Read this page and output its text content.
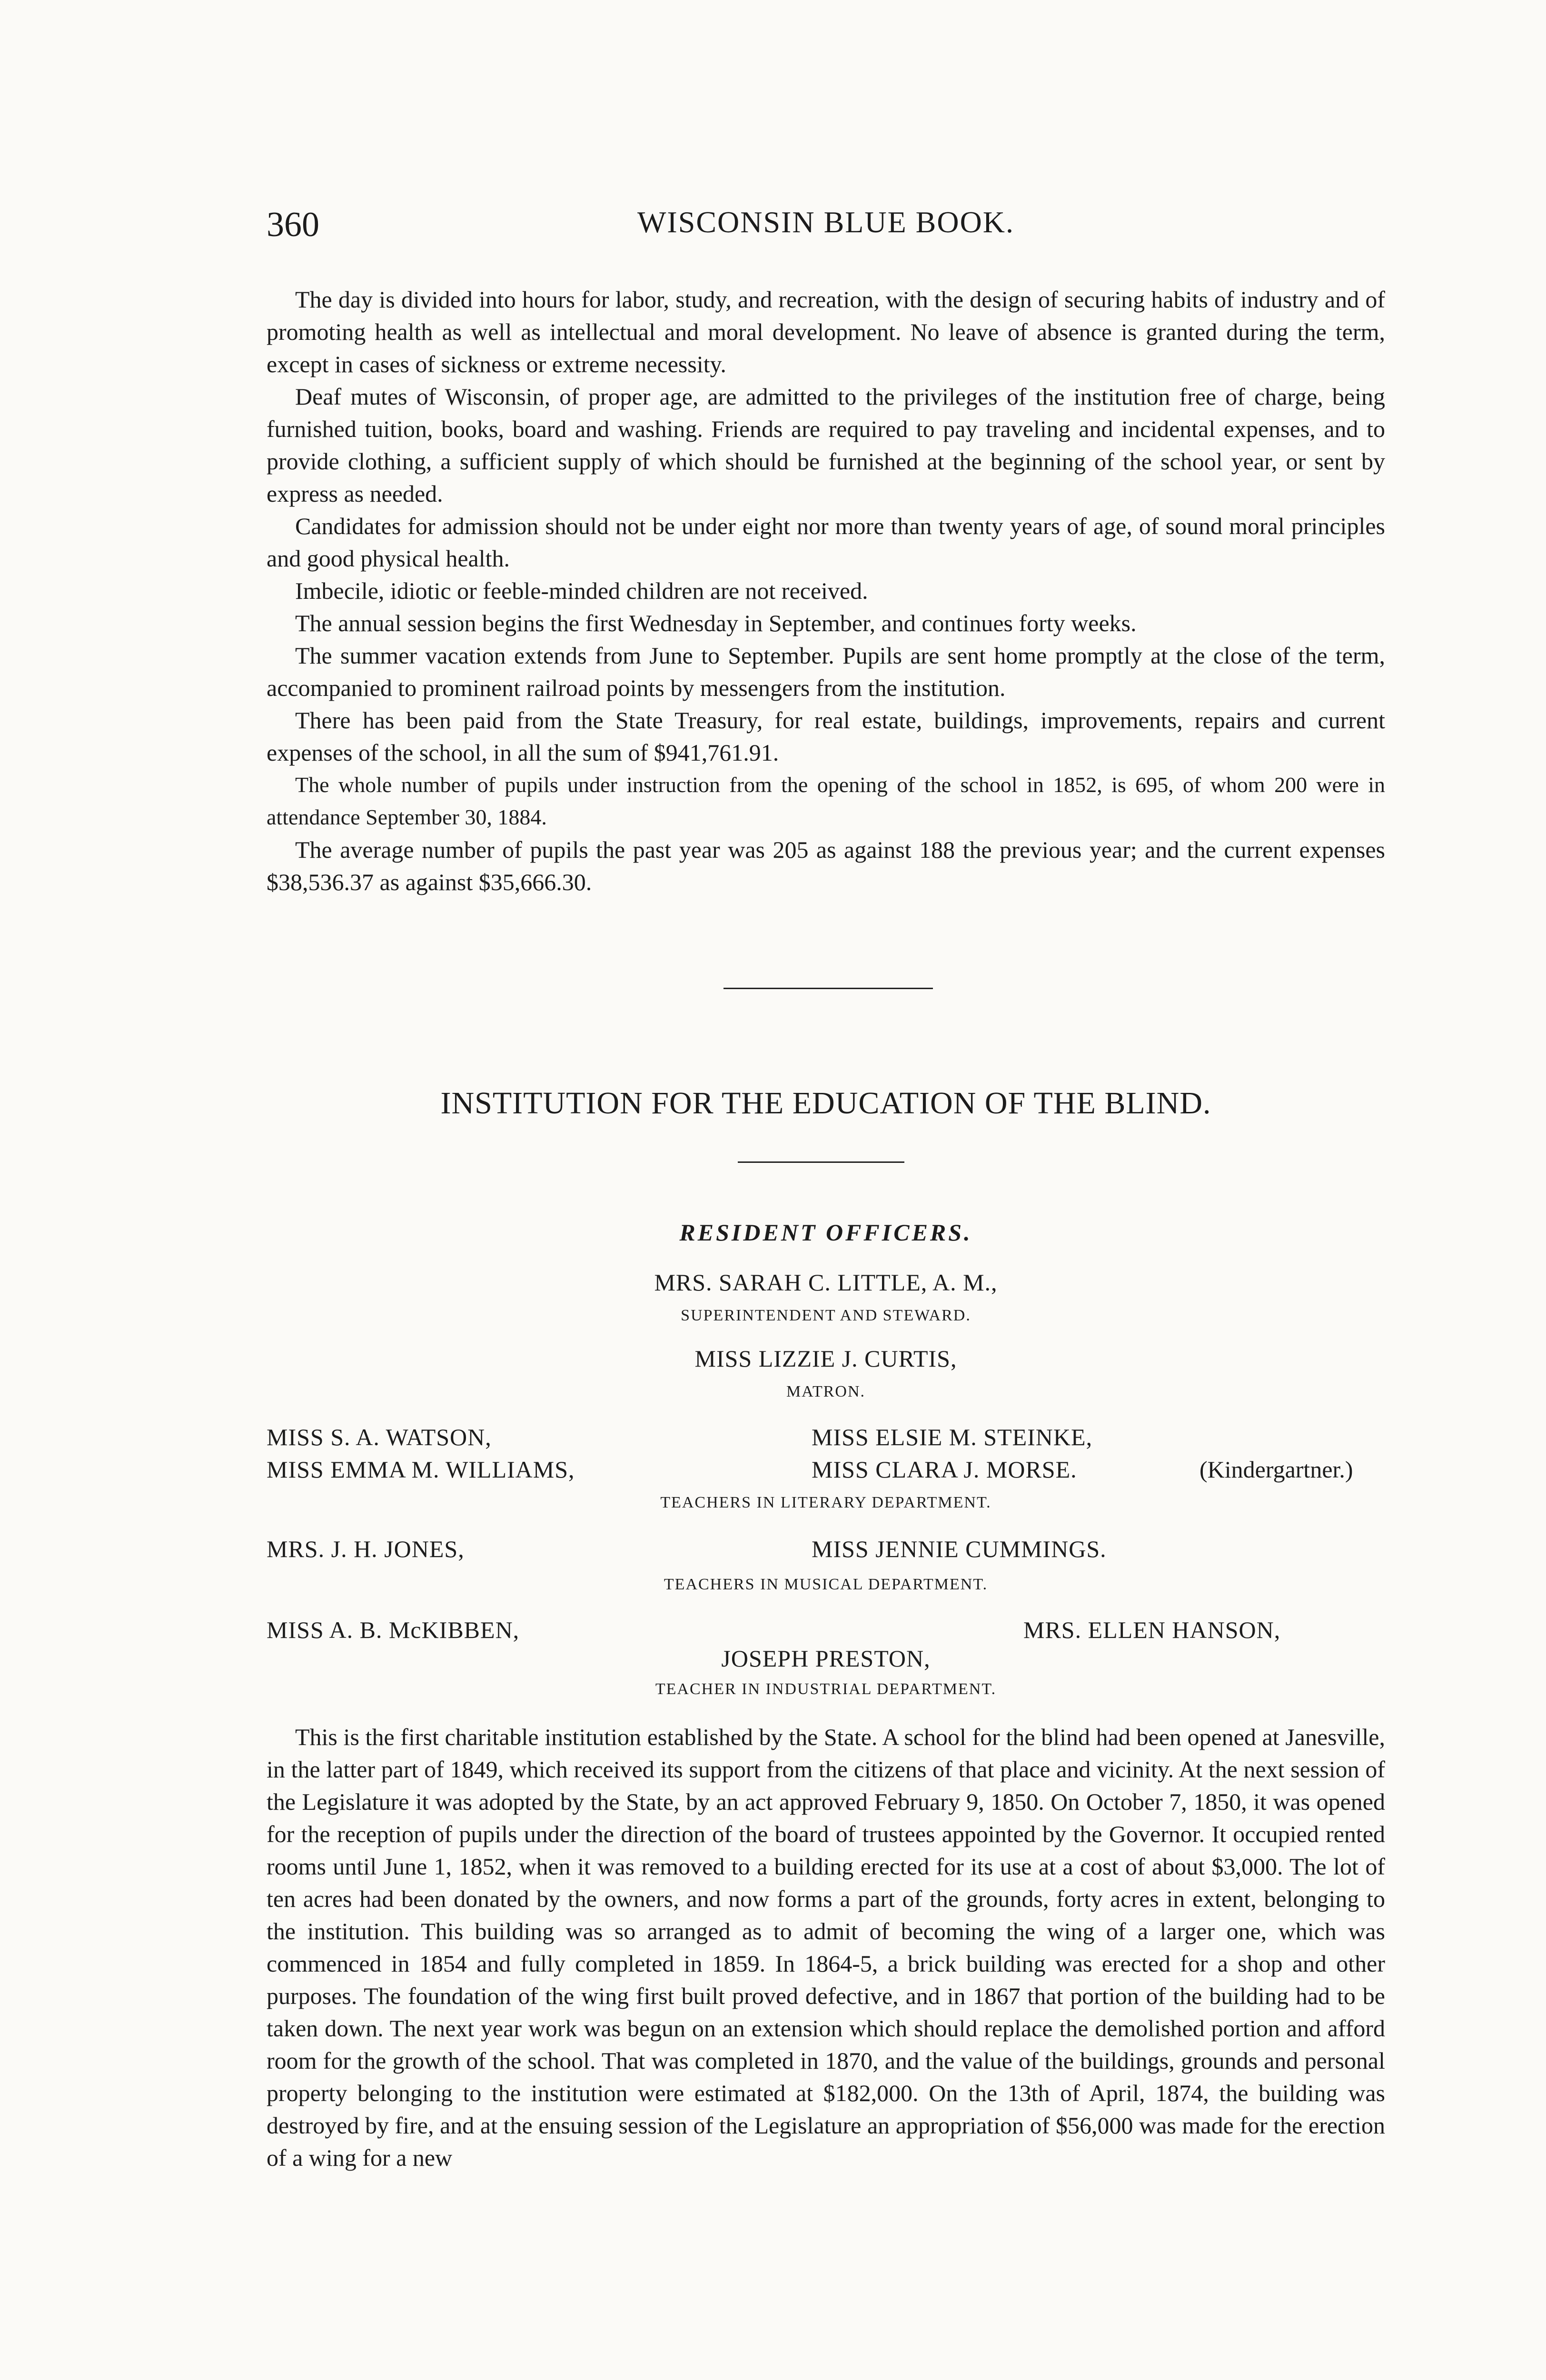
360	WISCONSIN BLUE BOOK.

The day is divided into hours for labor, study, and recreation, with the design of securing habits of industry and of promoting health as well as intellectual and moral development. No leave of absence is granted during the term, except in cases of sickness or extreme necessity.

Deaf mutes of Wisconsin, of proper age, are admitted to the privileges of the institution free of charge, being furnished tuition, books, board and washing. Friends are required to pay traveling and incidental expenses, and to provide clothing, a sufficient supply of which should be furnished at the beginning of the school year, or sent by express as needed.

Candidates for admission should not be under eight nor more than twenty years of age, of sound moral principles and good physical health.

Imbecile, idiotic or feeble-minded children are not received.

The annual session begins the first Wednesday in September, and continues forty weeks.

The summer vacation extends from June to September. Pupils are sent home promptly at the close of the term, accompanied to prominent railroad points by messengers from the institution.

There has been paid from the State Treasury, for real estate, buildings, improvements, repairs and current expenses of the school, in all the sum of $941,761.91.

The whole number of pupils under instruction from the opening of the school in 1852, is 695, of whom 200 were in attendance September 30, 1884.

The average number of pupils the past year was 205 as against 188 the previous year; and the current expenses $38,536.37 as against $35,666.30.

INSTITUTION FOR THE EDUCATION OF THE BLIND.
RESIDENT OFFICERS.
MRS. SARAH C. LITTLE, A. M.,
SUPERINTENDENT AND STEWARD.
MISS LIZZIE J. CURTIS,
MATRON.
MISS S. A. WATSON,	MISS ELSIE M. STEINKE,
MISS EMMA M. WILLIAMS,	MISS CLARA J. MORSE.	(Kindergartner.)
TEACHERS IN LITERARY DEPARTMENT.
MRS. J. H. JONES,	MISS JENNIE CUMMINGS.
TEACHERS IN MUSICAL DEPARTMENT.
MISS A. B. McKIBBEN,	MRS. ELLEN HANSON,
JOSEPH PRESTON,
TEACHER IN INDUSTRIAL DEPARTMENT.

This is the first charitable institution established by the State. A school for the blind had been opened at Janesville, in the latter part of 1849, which received its support from the citizens of that place and vicinity. At the next session of the Legislature it was adopted by the State, by an act approved February 9, 1850. On October 7, 1850, it was opened for the reception of pupils under the direction of the board of trustees appointed by the Governor. It occupied rented rooms until June 1, 1852, when it was removed to a building erected for its use at a cost of about $3,000. The lot of ten acres had been donated by the owners, and now forms a part of the grounds, forty acres in extent, belonging to the institution. This building was so arranged as to admit of becoming the wing of a larger one, which was commenced in 1854 and fully completed in 1859. In 1864-5, a brick building was erected for a shop and other purposes. The foundation of the wing first built proved defective, and in 1867 that portion of the building had to be taken down. The next year work was begun on an extension which should replace the demolished portion and afford room for the growth of the school. That was completed in 1870, and the value of the buildings, grounds and personal property belonging to the institution were estimated at $182,000. On the 13th of April, 1874, the building was destroyed by fire, and at the ensuing session of the Legislature an appropriation of $56,000 was made for the erection of a wing for a new
